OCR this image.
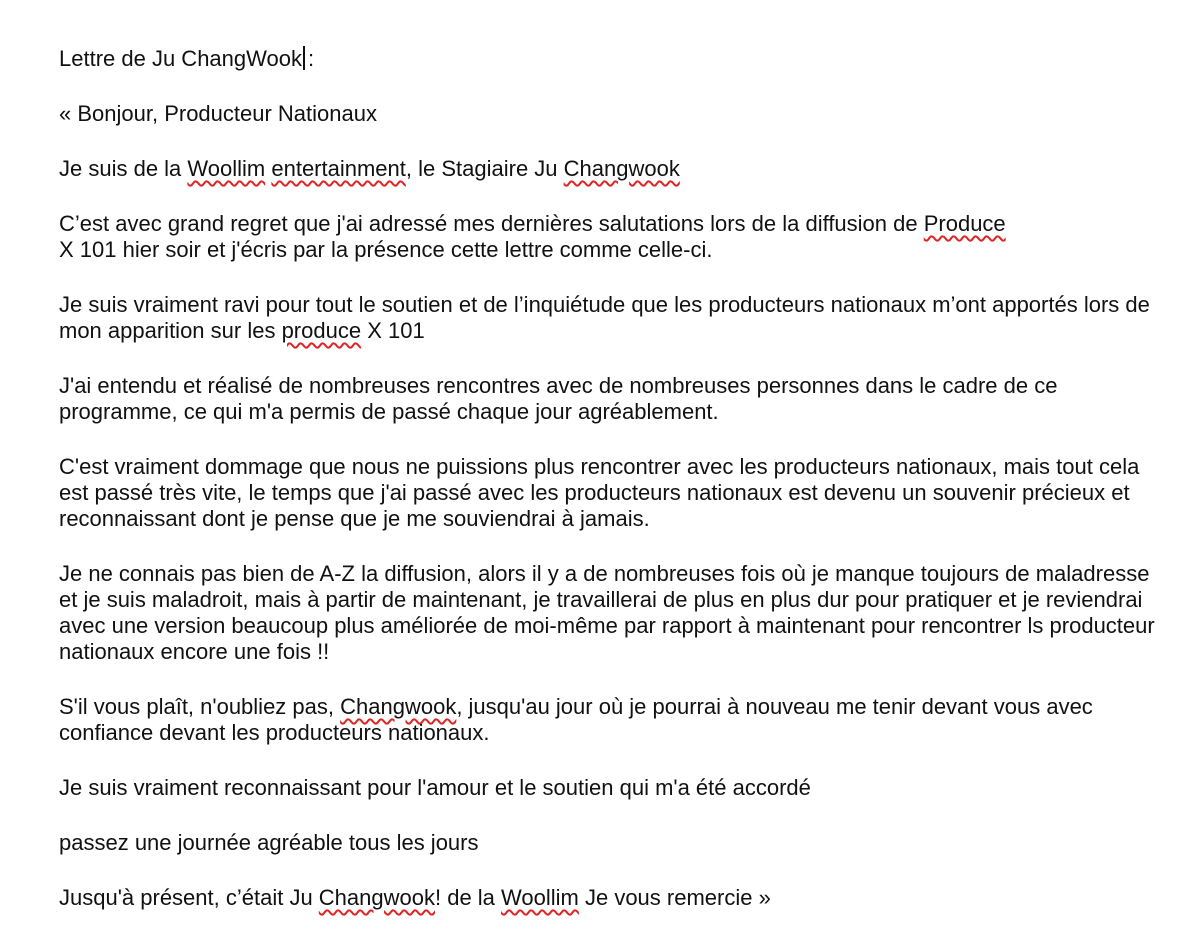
Lettre de Ju ChangWook :

« Bonjour, Producteur Nationaux

Je suis de la Woollim entertainment, le Stagiaire Ju Changwook

C’est avec grand regret que j'ai adressé mes dernières salutations lors de la diffusion de Produce
X 101 hier soir et j'écris par la présence cette lettre comme celle-ci.

Je suis vraiment ravi pour tout le soutien et de l’inquiétude que les producteurs nationaux m’ont apportés lors de mon apparition sur les produce X 101

J'ai entendu et réalisé de nombreuses rencontres avec de nombreuses personnes dans le cadre de ce programme, ce qui m'a permis de passé chaque jour agréablement.

C'est vraiment dommage que nous ne puissions plus rencontrer avec les producteurs nationaux, mais tout cela est passé très vite, le temps que j'ai passé avec les producteurs nationaux est devenu un souvenir précieux et reconnaissant dont je pense que je me souviendrai à jamais.

Je ne connais pas bien de A-Z la diffusion, alors il y a de nombreuses fois où je manque toujours de maladresse et je suis maladroit, mais à partir de maintenant, je travaillerai de plus en plus dur pour pratiquer et je reviendrai avec une version beaucoup plus améliorée de moi-même par rapport à maintenant pour rencontrer ls producteur nationaux encore une fois !!

S'il vous plaît, n'oubliez pas, Changwook, jusqu'au jour où je pourrai à nouveau me tenir devant vous avec confiance devant les producteurs nationaux.

Je suis vraiment reconnaissant pour l'amour et le soutien qui m'a été accordé

passez une journée agréable tous les jours

Jusqu'à présent, c’était Ju Changwook! de la Woollim Je vous remercie »
